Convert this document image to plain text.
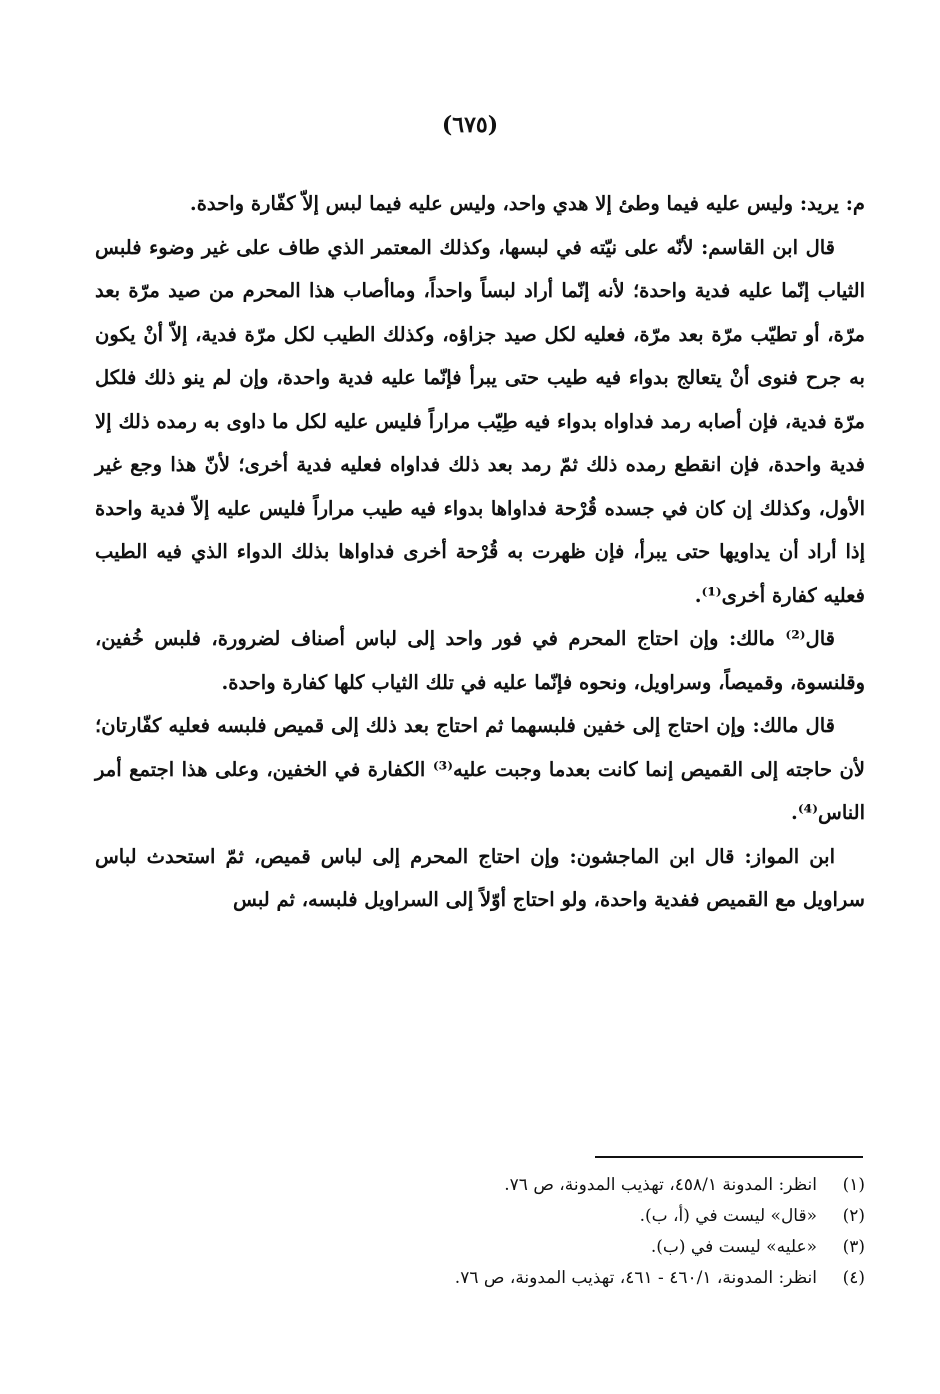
(٦٧٥)

م: يريد: وليس عليه فيما وطئ إلا هدي واحد، وليس عليه فيما لبس إلاّ كفّارة واحدة.

قال ابن القاسم: لأنّه على نيّته في لبسها، وكذلك المعتمر الذي طاف على غير وضوء فلبس الثياب إنّما عليه فدية واحدة؛ لأنه إنّما أراد لبساً واحداً، وماأصاب هذا المحرم من صيد مرّة بعد مرّة، أو تطيّب مرّة بعد مرّة، فعليه لكل صيد جزاؤه، وكذلك الطيب لكل مرّة فدية، إلاّ أنْ يكون به جرح فنوى أنْ يتعالج بدواء فيه طيب حتى يبرأ فإنّما عليه فدية واحدة، وإن لم ينو ذلك فلكل مرّة فدية، فإن أصابه رمد فداواه بدواء فيه طِيّب مراراً فليس عليه لكل ما داوى به رمده ذلك إلا فدية واحدة، فإن انقطع رمده ذلك ثمّ رمد بعد ذلك فداواه فعليه فدية أخرى؛ لأنّ هذا وجع غير الأول، وكذلك إن كان في جسده قُرْحة فداواها بدواء فيه طيب مراراً فليس عليه إلاّ فدية واحدة إذا أراد أن يداويها حتى يبرأ، فإن ظهرت به قُرْحة أخرى فداواها بذلك الدواء الذي فيه الطيب فعليه كفارة أخرى⁽¹⁾.

قال⁽²⁾ مالك: وإن احتاج المحرم في فور واحد إلى لباس أصناف لضرورة، فلبس خُفين، وقلنسوة، وقميصاً، وسراويل، ونحوه فإنّما عليه في تلك الثياب كلها كفارة واحدة.

قال مالك: وإن احتاج إلى خفين فلبسهما ثم احتاج بعد ذلك إلى قميص فلبسه فعليه كفّارتان؛ لأن حاجته إلى القميص إنما كانت بعدما وجبت عليه⁽³⁾ الكفارة في الخفين، وعلى هذا اجتمع أمر الناس⁽⁴⁾.

ابن المواز: قال ابن الماجشون: وإن احتاج المحرم إلى لباس قميص، ثمّ استحدث لباس سراويل مع القميص ففدية واحدة، ولو احتاج أوّلاً إلى السراويل فلبسه، ثم لبس

(١)
انظر: المدونة ٤٥٨/١، تهذيب المدونة، ص ٧٦.
(٢)
«قال» ليست في (أ، ب).
(٣)
«عليه» ليست في (ب).
(٤)
انظر: المدونة، ٤٦٠/١ - ٤٦١، تهذيب المدونة، ص ٧٦.
